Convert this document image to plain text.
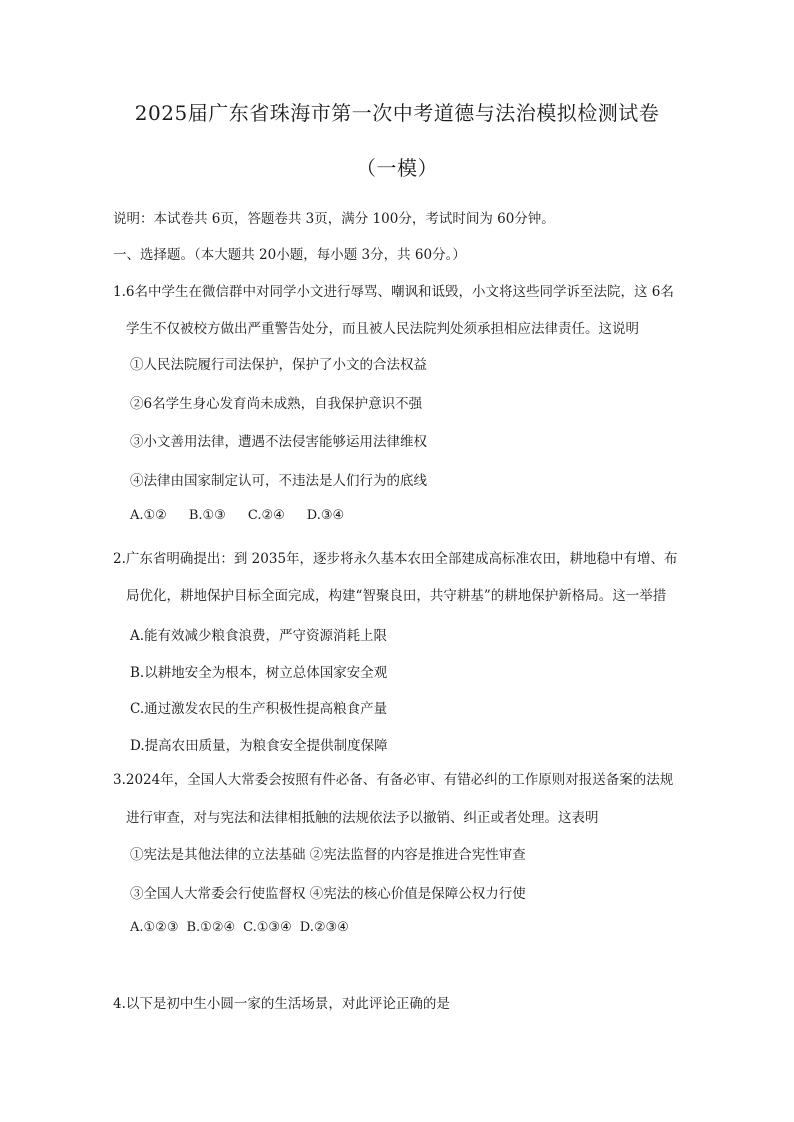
2025届广东省珠海市第一次中考道德与法治模拟检测试卷
（一模）
说明：本试卷共 6页，答题卷共 3页，满分 100分，考试时间为 60分钟。
一、选择题。（本大题共 20小题，每小题 3分，共 60分。）
1.6名中学生在微信群中对同学小文进行辱骂、嘲讽和诋毁，小文将这些同学诉至法院，这 6名
学生不仅被校方做出严重警告处分，而且被人民法院判处须承担相应法律责任。这说明
①人民法院履行司法保护，保护了小文的合法权益
➁6名学生身心发育尚未成熟，自我保护意识不强
③小文善用法律，遭遇不法侵害能够运用法律维权
④法律由国家制定认可，不违法是人们行为的底线
A.①② B.①③ C.②④ D.③④
2.广东省明确提出：到 2035年，逐步将永久基本农田全部建成高标准农田，耕地稳中有增、布
局优化，耕地保护目标全面完成，构建“智聚良田，共守耕基”的耕地保护新格局。这一举措
A.能有效减少粮食浪费，严守资源消耗上限
B.以耕地安全为根本，树立总体国家安全观
C.通过激发农民的生产积极性提高粮食产量
D.提高农田质量，为粮食安全提供制度保障
3.2024年，全国人大常委会按照有件必备、有备必审、有错必纠的工作原则对报送备案的法规
进行审查，对与宪法和法律相抵触的法规依法予以撤销、纠正或者处理。这表明
①宪法是其他法律的立法基础 ②宪法监督的内容是推进合宪性审查
③全国人大常委会行使监督权 ④宪法的核心价值是保障公权力行使
A.①②③ B.①②④ C.①③④ D.②③④
4.以下是初中生小圆一家的生活场景，对此评论正确的是
